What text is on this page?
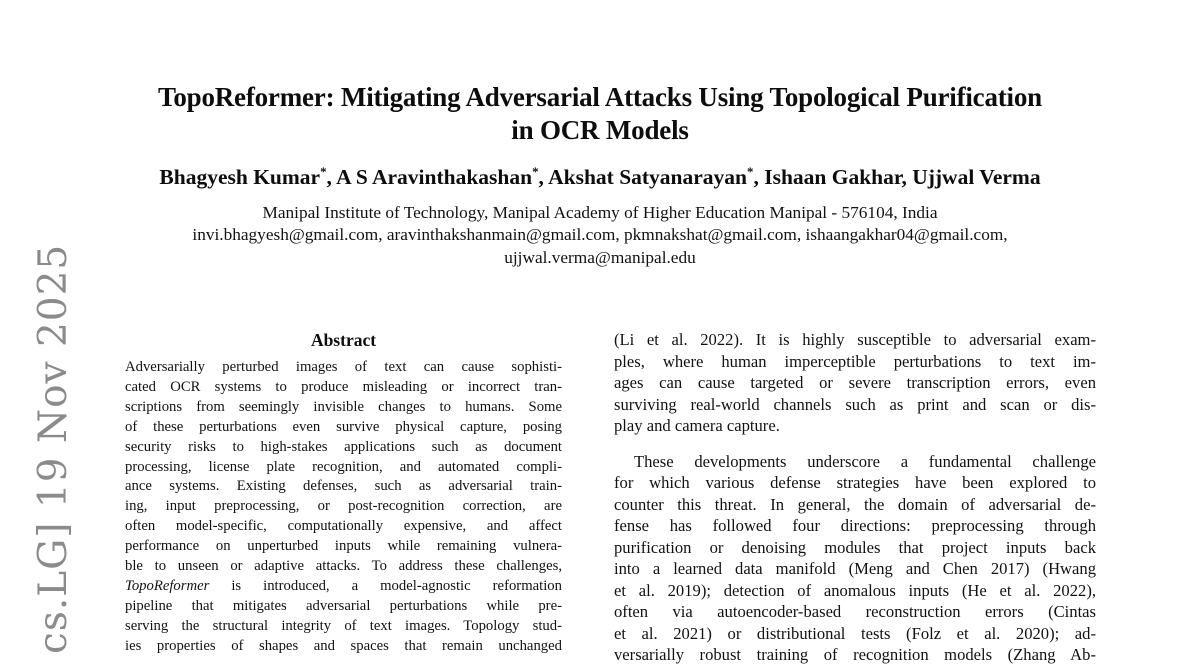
cs.LG] 19 Nov 2025
TopoReformer: Mitigating Adversarial Attacks Using Topological Purification
in OCR Models
Bhagyesh Kumar*, A S Aravinthakashan*, Akshat Satyanarayan*, Ishaan Gakhar, Ujjwal Verma
Manipal Institute of Technology, Manipal Academy of Higher Education Manipal - 576104, India
invi.bhagyesh@gmail.com, aravinthakshanmain@gmail.com, pkmnakshat@gmail.com, ishaangakhar04@gmail.com,
ujjwal.verma@manipal.edu
Abstract
Adversarially perturbed images of text can cause sophisti-
cated OCR systems to produce misleading or incorrect tran-
scriptions from seemingly invisible changes to humans. Some
of these perturbations even survive physical capture, posing
security risks to high-stakes applications such as document
processing, license plate recognition, and automated compli-
ance systems. Existing defenses, such as adversarial train-
ing, input preprocessing, or post-recognition correction, are
often model-specific, computationally expensive, and affect
performance on unperturbed inputs while remaining vulnera-
ble to unseen or adaptive attacks. To address these challenges,
TopoReformer is introduced, a model-agnostic reformation
pipeline that mitigates adversarial perturbations while pre-
serving the structural integrity of text images. Topology stud-
ies properties of shapes and spaces that remain unchanged
(Li et al. 2022). It is highly susceptible to adversarial exam-
ples, where human imperceptible perturbations to text im-
ages can cause targeted or severe transcription errors, even
surviving real-world channels such as print and scan or dis-
play and camera capture.
These developments underscore a fundamental challenge
for which various defense strategies have been explored to
counter this threat. In general, the domain of adversarial de-
fense has followed four directions: preprocessing through
purification or denoising modules that project inputs back
into a learned data manifold (Meng and Chen 2017) (Hwang
et al. 2019); detection of anomalous inputs (He et al. 2022),
often via autoencoder-based reconstruction errors (Cintas
et al. 2021) or distributional tests (Folz et al. 2020); ad-
versarially robust training of recognition models (Zhang Ab-
